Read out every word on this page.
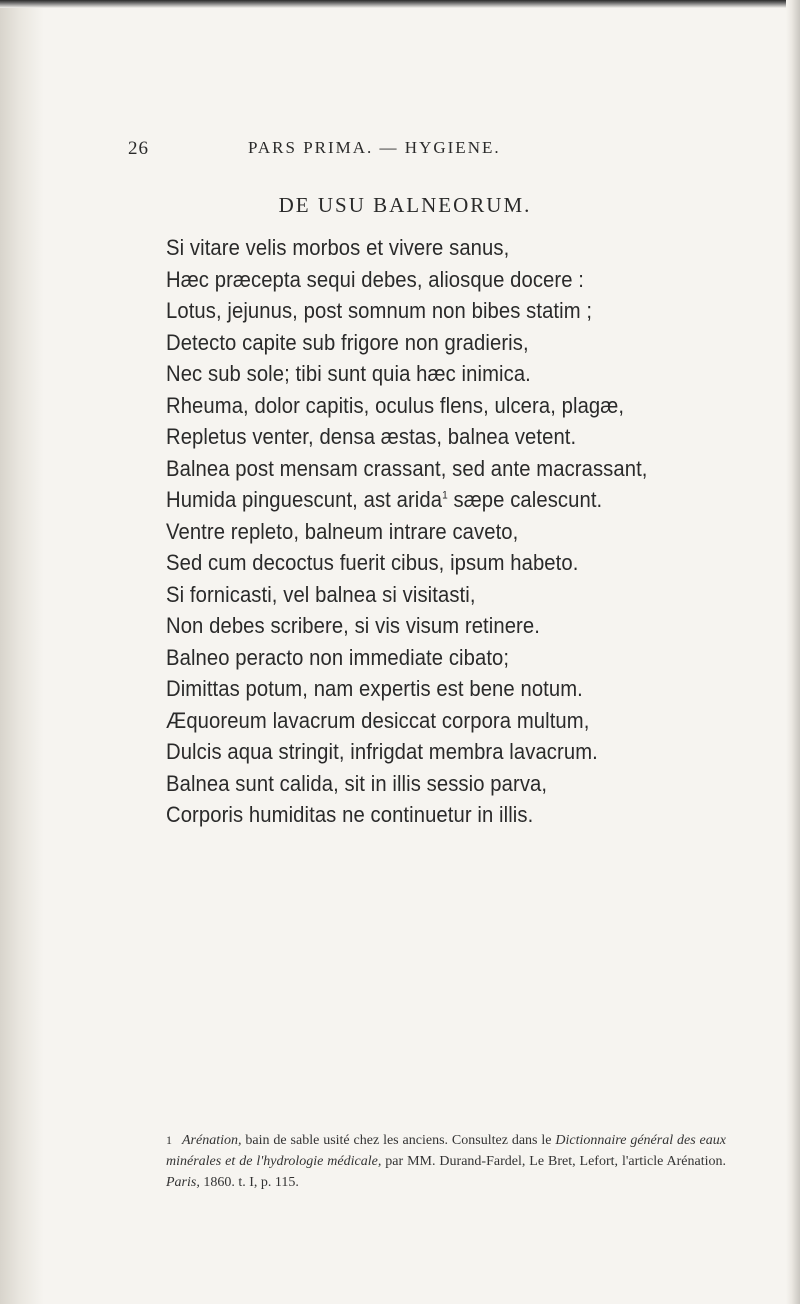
26	PARS PRIMA. — HYGIENE.
DE USU BALNEORUM.
Si vitare velis morbos et vivere sanus,
Hæc præcepta sequi debes, aliosque docere :
Lotus, jejunus, post somnum non bibes statim ;
Detecto capite sub frigore non gradieris,
Nec sub sole; tibi sunt quia hæc inimica.
Rheuma, dolor capitis, oculus flens, ulcera, plagæ,
Repletus venter, densa æstas, balnea vetent.
Balnea post mensam crassant, sed ante macrassant,
Humida pinguescunt, ast arida$^1$ sæpe calescunt.
Ventre repleto, balneum intrare caveto,
Sed cum decoctus fuerit cibus, ipsum habeto.
Si fornicasti, vel balnea si visitasti,
Non debes scribere, si vis visum retinere.
Balneo peracto non immediate cibato;
Dimittas potum, nam expertis est bene notum.
Æquoreum lavacrum desiccat corpora multum,
Dulcis aqua stringit, infrigdat membra lavacrum.
Balnea sunt calida, sit in illis sessio parva,
Corporis humiditas ne continuetur in illis.
1 Arénation, bain de sable usité chez les anciens. Consultez dans le Dictionnaire général des eaux minérales et de l'hydrologie médicale, par MM. Durand-Fardel, Le Bret, Lefort, l'article Arénation. Paris, 1860. t. I, p. 115.
